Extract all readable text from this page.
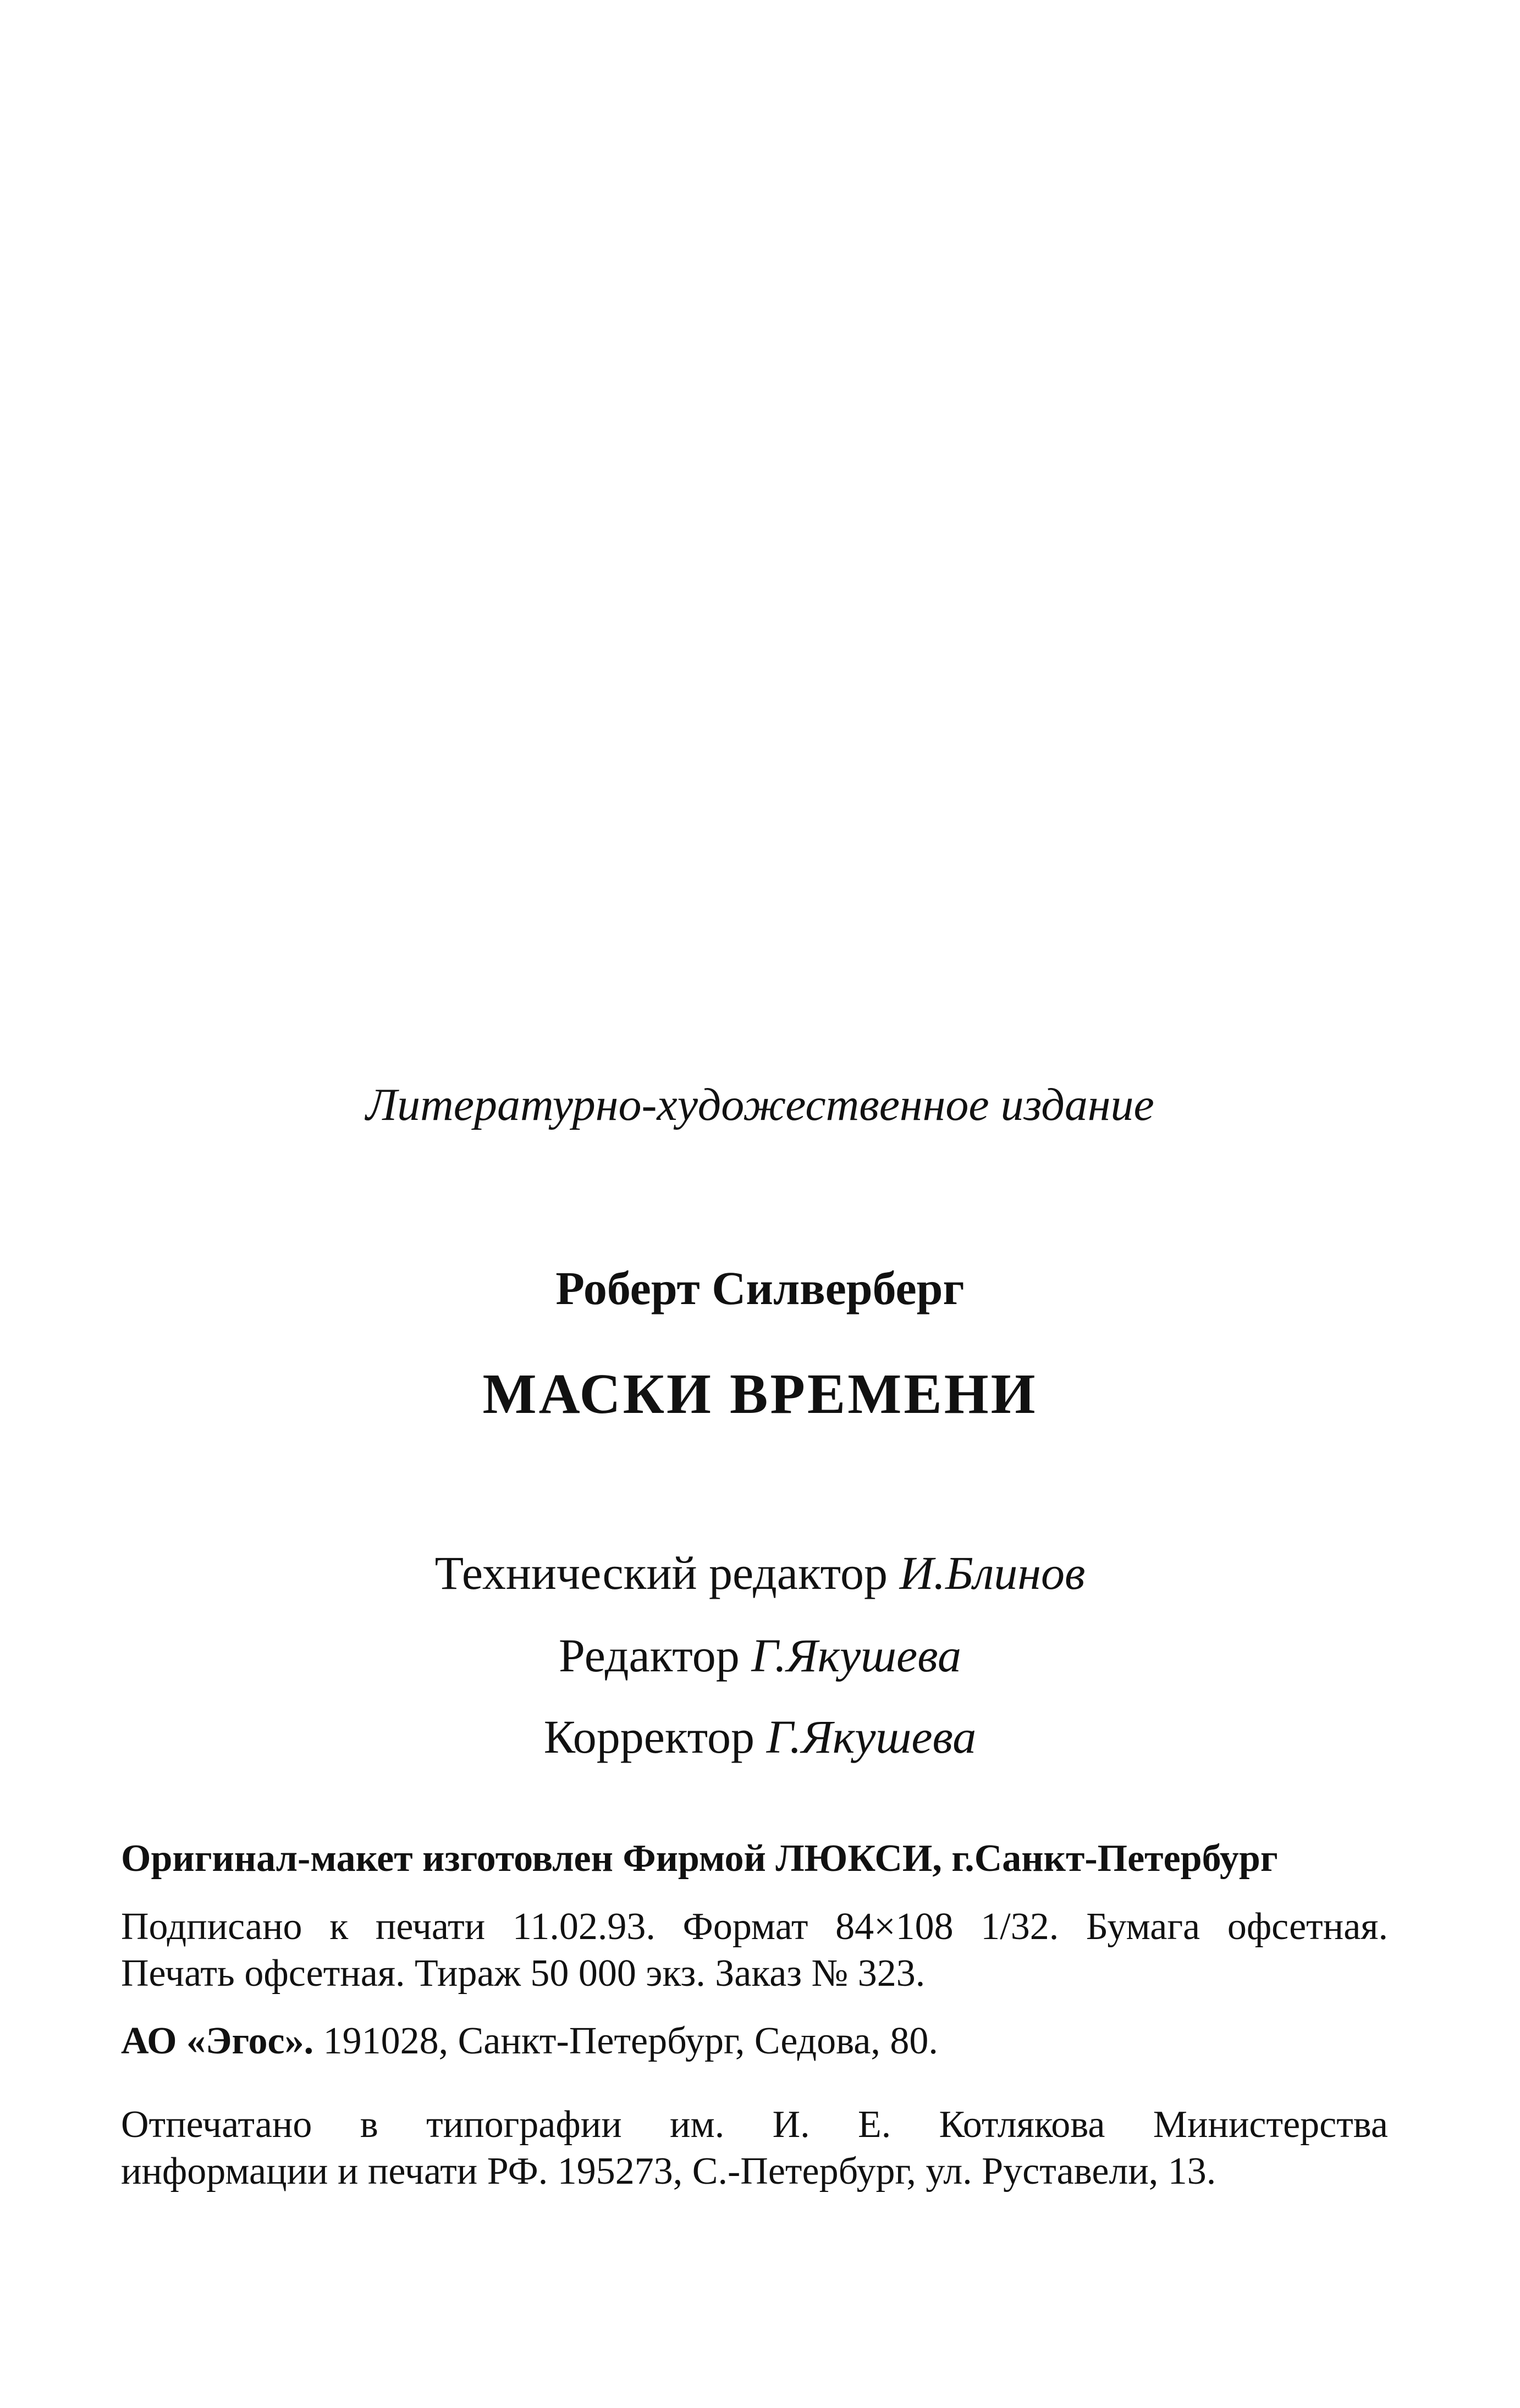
Литературно-художественное издание
Роберт Силверберг
МАСКИ ВРЕМЕНИ
Технический редактор И.Блинов
Редактор Г.Якушева
Корректор Г.Якушева
Оригинал-макет изготовлен Фирмой ЛЮКСИ, г.Санкт-Петербург
Подписано к печати 11.02.93. Формат 84×108 1/32. Бумага офсетная.
Печать офсетная. Тираж 50 000 экз. Заказ № 323.
АО «Эгос». 191028, Санкт-Петербург, Седова, 80.
Отпечатано в типографии им. И. Е. Котлякова Министерства
информации и печати РФ. 195273, С.-Петербург, ул. Руставели, 13.
